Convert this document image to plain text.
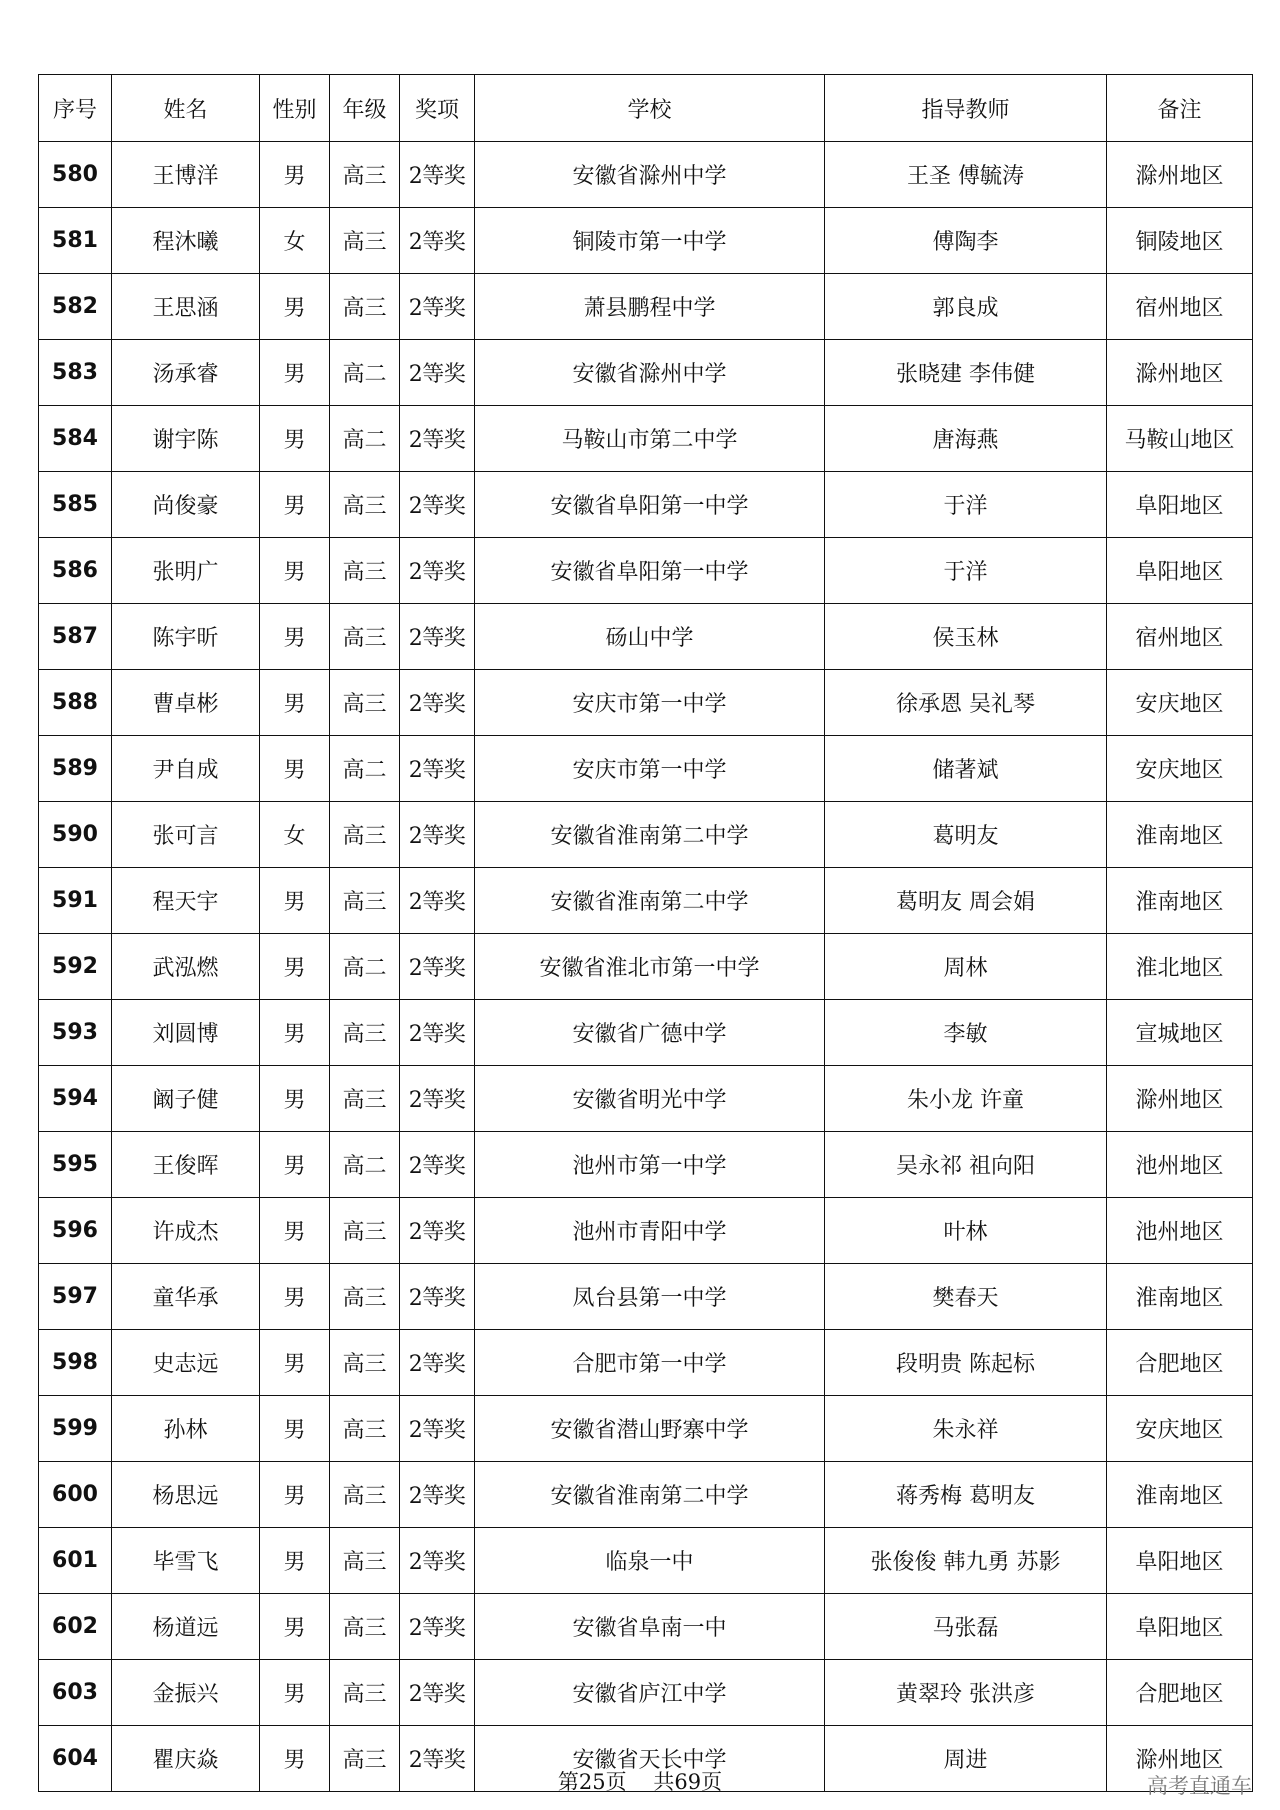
序号	姓名	性别	年级	奖项	学校	指导教师	备注
580	王博洋	男	高三	2等奖	安徽省滁州中学	王圣 傅毓涛	滁州地区
581	程沐曦	女	高三	2等奖	铜陵市第一中学	傅陶李	铜陵地区
582	王思涵	男	高三	2等奖	萧县鹏程中学	郭良成	宿州地区
583	汤承睿	男	高二	2等奖	安徽省滁州中学	张晓建 李伟健	滁州地区
584	谢宇陈	男	高二	2等奖	马鞍山市第二中学	唐海燕	马鞍山地区
585	尚俊豪	男	高三	2等奖	安徽省阜阳第一中学	于洋	阜阳地区
586	张明广	男	高三	2等奖	安徽省阜阳第一中学	于洋	阜阳地区
587	陈宇昕	男	高三	2等奖	砀山中学	侯玉林	宿州地区
588	曹卓彬	男	高三	2等奖	安庆市第一中学	徐承恩 吴礼琴	安庆地区
589	尹自成	男	高二	2等奖	安庆市第一中学	储著斌	安庆地区
590	张可言	女	高三	2等奖	安徽省淮南第二中学	葛明友	淮南地区
591	程天宇	男	高三	2等奖	安徽省淮南第二中学	葛明友 周会娟	淮南地区
592	武泓燃	男	高二	2等奖	安徽省淮北市第一中学	周林	淮北地区
593	刘圆博	男	高三	2等奖	安徽省广德中学	李敏	宣城地区
594	阚子健	男	高三	2等奖	安徽省明光中学	朱小龙 许童	滁州地区
595	王俊晖	男	高二	2等奖	池州市第一中学	吴永祁 祖向阳	池州地区
596	许成杰	男	高三	2等奖	池州市青阳中学	叶林	池州地区
597	童华承	男	高三	2等奖	凤台县第一中学	樊春天	淮南地区
598	史志远	男	高三	2等奖	合肥市第一中学	段明贵 陈起标	合肥地区
599	孙林	男	高三	2等奖	安徽省潜山野寨中学	朱永祥	安庆地区
600	杨思远	男	高三	2等奖	安徽省淮南第二中学	蒋秀梅 葛明友	淮南地区
601	毕雪飞	男	高三	2等奖	临泉一中	张俊俊 韩九勇 苏影	阜阳地区
602	杨道远	男	高三	2等奖	安徽省阜南一中	马张磊	阜阳地区
603	金振兴	男	高三	2等奖	安徽省庐江中学	黄翠玲 张洪彦	合肥地区
604	瞿庆焱	男	高三	2等奖	安徽省天长中学	周进	滁州地区
第25页    共69页	高考直通车
